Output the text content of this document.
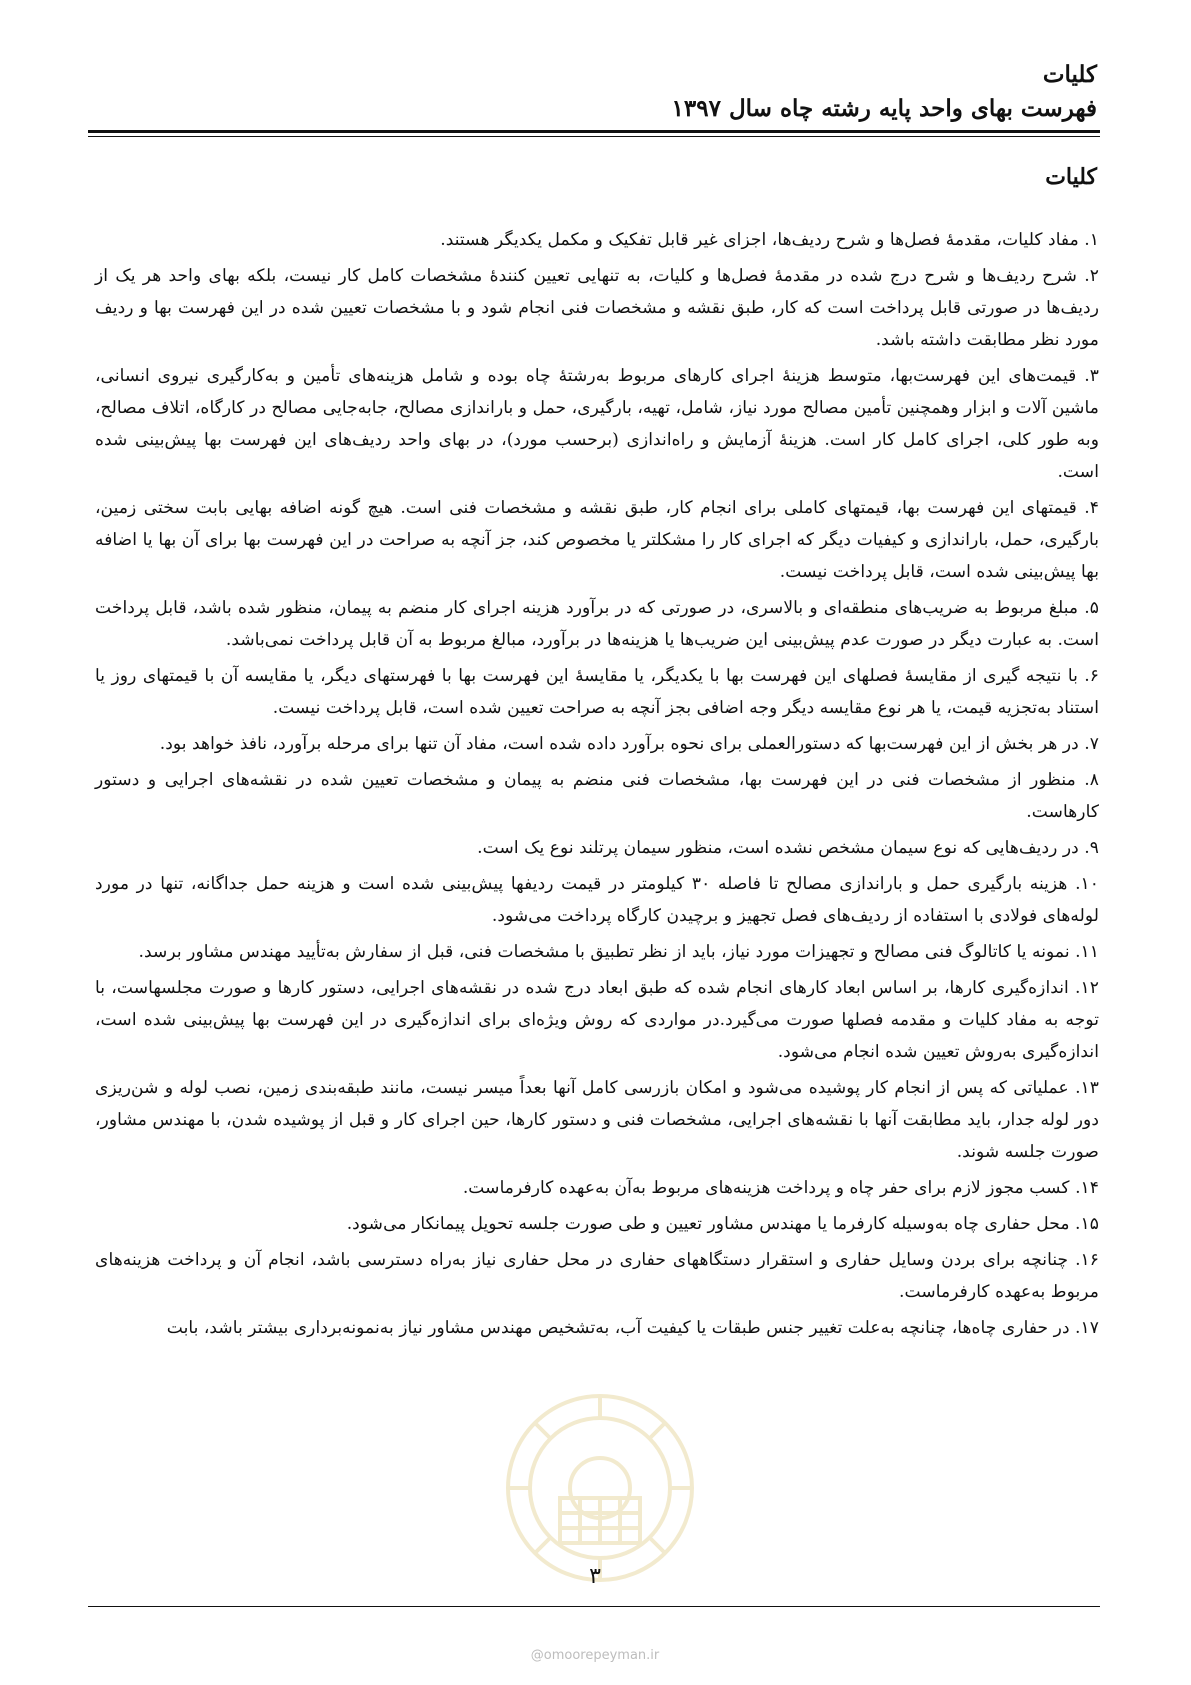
کلیات
فهرست بهای واحد پایه رشته چاه سال ۱۳۹۷
کلیات

۱. مفاد کلیات، مقدمهٔ فصل‌ها و شرح ردیف‌ها، اجزای غیر قابل تفکیک و مکمل یکدیگر هستند.

۲. شرح ردیف‌ها و شرح درج شده در مقدمهٔ فصل‌ها و کلیات، به تنهایی تعیین کنندهٔ مشخصات کامل کار نیست، بلکه بهای واحد هر یک از ردیف‌ها در صورتی قابل پرداخت است که کار، طبق نقشه و مشخصات فنی انجام شود و با مشخصات تعیین شده در این فهرست بها و ردیف مورد نظر مطابقت داشته باشد.

۳. قیمت‌های این فهرست‌بها، متوسط هزینهٔ اجرای کارهای مربوط به‌رشتهٔ چاه بوده و شامل هزینه‌های تأمین و به‌کارگیری نیروی انسانی، ماشین آلات و ابزار وهمچنین تأمین مصالح مورد نیاز، شامل، تهیه، بارگیری، حمل و باراندازی مصالح، جابه‌جایی مصالح در کارگاه، اتلاف مصالح، وبه طور کلی، اجرای کامل کار است. هزینهٔ آزمایش و راه‌اندازی (برحسب مورد)، در بهای واحد ردیف‌های این فهرست بها پیش‌بینی شده است.

۴. قیمتهای این فهرست بها، قیمتهای کاملی برای انجام کار، طبق نقشه و مشخصات فنی است. هیچ گونه اضافه بهایی بابت سختی زمین، بارگیری، حمل، باراندازی و کیفیات دیگر که اجرای کار را مشکلتر یا مخصوص کند، جز آنچه به صراحت در این فهرست بها برای آن بها یا اضافه بها پیش‌بینی شده است، قابل پرداخت نیست.

۵. مبلغ مربوط به ضریب‌های منطقه‌ای و بالاسری، در صورتی که در برآورد هزینه اجرای کار منضم به پیمان، منظور شده باشد، قابل پرداخت است. به عبارت دیگر در صورت عدم پیش‌بینی این ضریب‌ها یا هزینه‌ها در برآورد، مبالغ مربوط به آن قابل پرداخت نمی‌باشد.

۶. با نتیجه گیری از مقایسهٔ فصلهای این فهرست بها با یکدیگر، یا مقایسهٔ این فهرست بها با فهرستهای دیگر، یا مقایسه آن با قیمتهای روز یا استناد به‌تجزیه قیمت، یا هر نوع مقایسه دیگر وجه اضافی بجز آنچه به صراحت تعیین شده است، قابل پرداخت نیست.

۷. در هر بخش از این فهرست‌بها که دستورالعملی برای نحوه برآورد داده شده است، مفاد آن تنها برای مرحله برآورد، نافذ خواهد بود.

۸. منظور از مشخصات فنی در این فهرست بها، مشخصات فنی منضم به پیمان و مشخصات تعیین شده در نقشه‌های اجرایی و دستور کارهاست.

۹. در ردیف‌هایی که نوع سیمان مشخص نشده است، منظور سیمان پرتلند نوع یک است.

۱۰. هزینه بارگیری حمل و باراندازی مصالح تا فاصله ۳۰ کیلومتر در قیمت ردیفها پیش‌بینی شده است و هزینه حمل جداگانه، تنها در مورد لوله‌های فولادی با استفاده از ردیف‌های فصل تجهیز و برچیدن کارگاه پرداخت می‌شود.

۱۱. نمونه یا کاتالوگ فنی مصالح و تجهیزات مورد نیاز، باید از نظر تطبیق با مشخصات فنی، قبل از سفارش به‌تأیید مهندس مشاور برسد.

۱۲. اندازه‌گیری کارها، بر اساس ابعاد کارهای انجام شده که طبق ابعاد درج شده در نقشه‌های اجرایی، دستور کارها و صورت مجلسهاست، با توجه به مفاد کلیات و مقدمه فصلها صورت می‌گیرد.در مواردی که روش ویژه‌ای برای اندازه‌گیری در این فهرست بها پیش‌بینی شده است، اندازه‌گیری به‌روش تعیین شده انجام می‌شود.

۱۳. عملیاتی که پس از انجام کار پوشیده می‌شود و امکان بازرسی کامل آنها بعداً میسر نیست، مانند طبقه‌بندی زمین، نصب لوله و شن‌ریزی دور لوله جدار، باید مطابقت آنها با نقشه‌های اجرایی، مشخصات فنی و دستور کارها، حین اجرای کار و قبل از پوشیده شدن، با مهندس مشاور، صورت جلسه شوند.

۱۴. کسب مجوز لازم برای حفر چاه و پرداخت هزینه‌های مربوط به‌آن به‌عهده کارفرماست.

۱۵. محل حفاری چاه به‌وسیله کارفرما یا مهندس مشاور تعیین و طی صورت جلسه تحویل پیمانکار می‌شود.

۱۶. چنانچه برای بردن وسایل حفاری و استقرار دستگاههای حفاری در محل حفاری نیاز به‌راه دسترسی باشد، انجام آن و پرداخت هزینه‌های مربوط به‌عهده کارفرماست.

۱۷. در حفاری چاه‌ها، چنانچه به‌علت تغییر جنس طبقات یا کیفیت آب، به‌تشخیص مهندس مشاور نیاز به‌نمونه‌برداری بیشتر باشد، بابت

۳
@omoorepeyman.ir
